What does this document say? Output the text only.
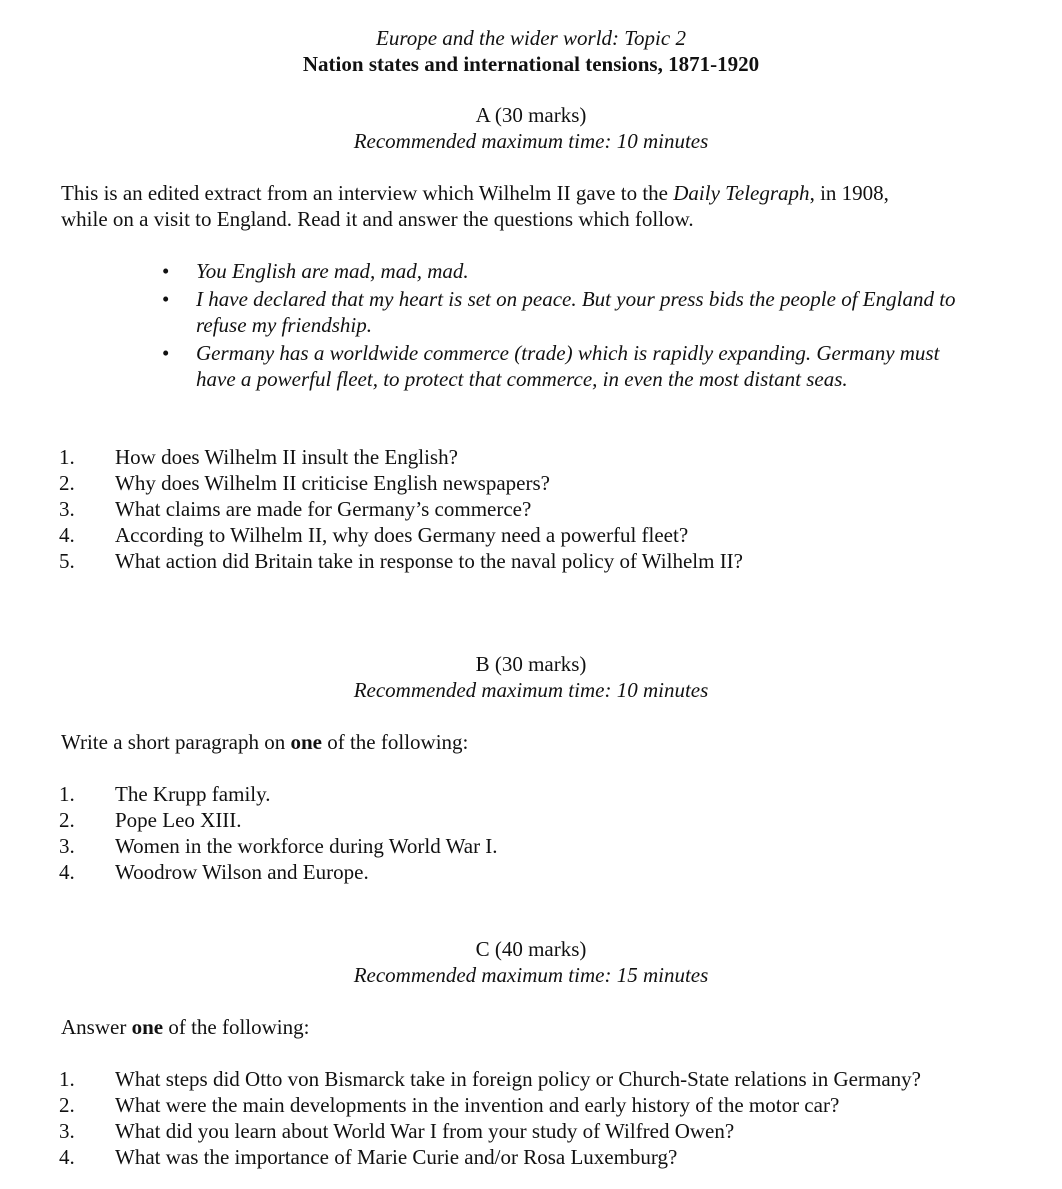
Europe and the wider world: Topic 2
Nation states and international tensions, 1871-1920
A (30 marks)
Recommended maximum time: 10 minutes
This is an edited extract from an interview which Wilhelm II gave to the Daily Telegraph, in 1908,
while on a visit to England. Read it and answer the questions which follow.
• You English are mad, mad, mad.
• I have declared that my heart is set on peace. But your press bids the people of England to refuse my friendship.
• Germany has a worldwide commerce (trade) which is rapidly expanding. Germany must have a powerful fleet, to protect that commerce, in even the most distant seas.
1. How does Wilhelm II insult the English?
2. Why does Wilhelm II criticise English newspapers?
3. What claims are made for Germany’s commerce?
4. According to Wilhelm II, why does Germany need a powerful fleet?
5. What action did Britain take in response to the naval policy of Wilhelm II?
B (30 marks)
Recommended maximum time: 10 minutes
Write a short paragraph on one of the following:
1. The Krupp family.
2. Pope Leo XIII.
3. Women in the workforce during World War I.
4. Woodrow Wilson and Europe.
C (40 marks)
Recommended maximum time: 15 minutes
Answer one of the following:
1. What steps did Otto von Bismarck take in foreign policy or Church-State relations in Germany?
2. What were the main developments in the invention and early history of the motor car?
3. What did you learn about World War I from your study of Wilfred Owen?
4. What was the importance of Marie Curie and/or Rosa Luxemburg?
